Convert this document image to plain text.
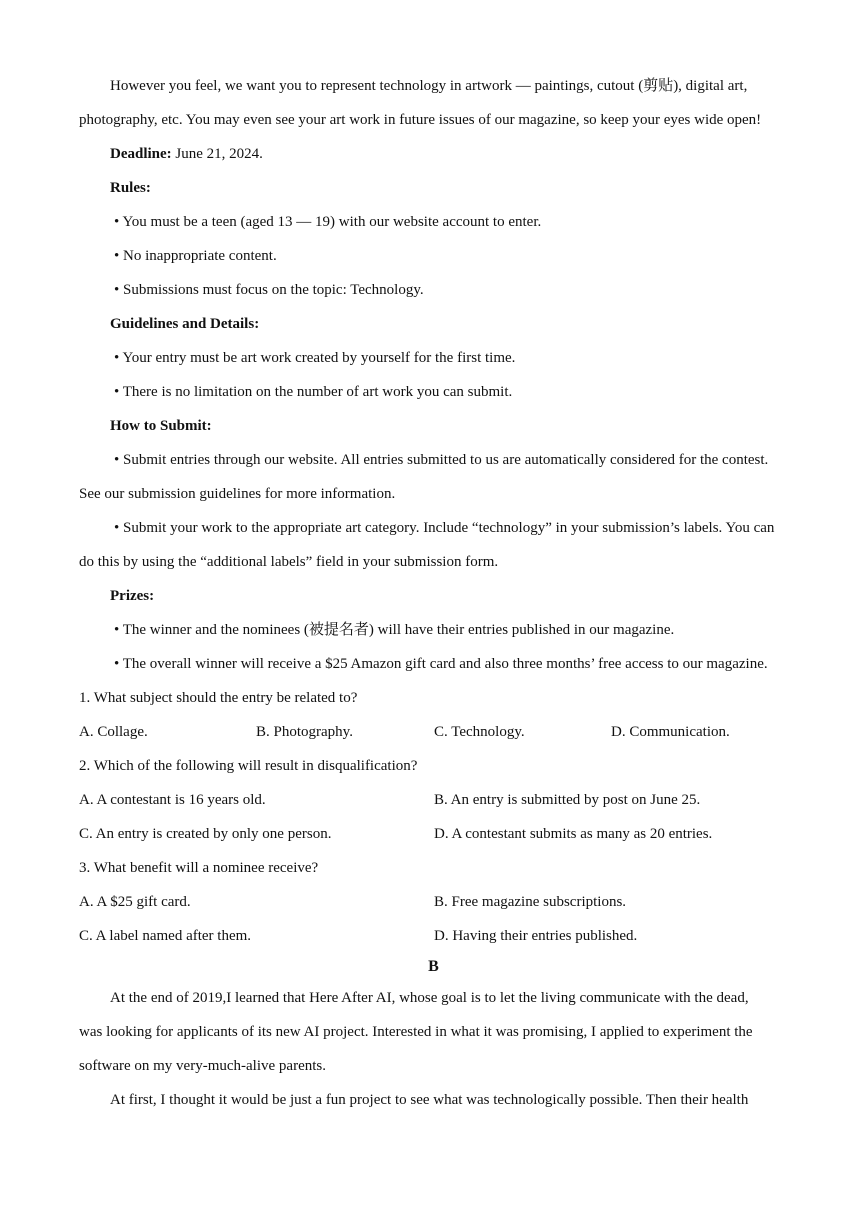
However you feel, we want you to represent technology in artwork — paintings, cutout (剪贴), digital art,
photography, etc. You may even see your art work in future issues of our magazine, so keep your eyes wide open!
Deadline: June 21, 2024.
Rules:
• You must be a teen (aged 13 — 19) with our website account to enter.
• No inappropriate content.
• Submissions must focus on the topic: Technology.
Guidelines and Details:
• Your entry must be art work created by yourself for the first time.
• There is no limitation on the number of art work you can submit.
How to Submit:
• Submit entries through our website. All entries submitted to us are automatically considered for the contest.
See our submission guidelines for more information.
• Submit your work to the appropriate art category. Include “technology” in your submission’s labels. You can
do this by using the “additional labels” field in your submission form.
Prizes:
• The winner and the nominees (被提名者) will have their entries published in our magazine.
• The overall winner will receive a $25 Amazon gift card and also three months’ free access to our magazine.
1. What subject should the entry be related to?
A. Collage.	B. Photography.	C. Technology.	D. Communication.
2. Which of the following will result in disqualification?
A. A contestant is 16 years old.	B. An entry is submitted by post on June 25.
C. An entry is created by only one person.	D. A contestant submits as many as 20 entries.
3. What benefit will a nominee receive?
A. A $25 gift card.	B. Free magazine subscriptions.
C. A label named after them.	D. Having their entries published.
B
At the end of 2019,I learned that Here After AI, whose goal is to let the living communicate with the dead,
was looking for applicants of its new AI project. Interested in what it was promising, I applied to experiment the
software on my very-much-alive parents.
At first, I thought it would be just a fun project to see what was technologically possible. Then their health
